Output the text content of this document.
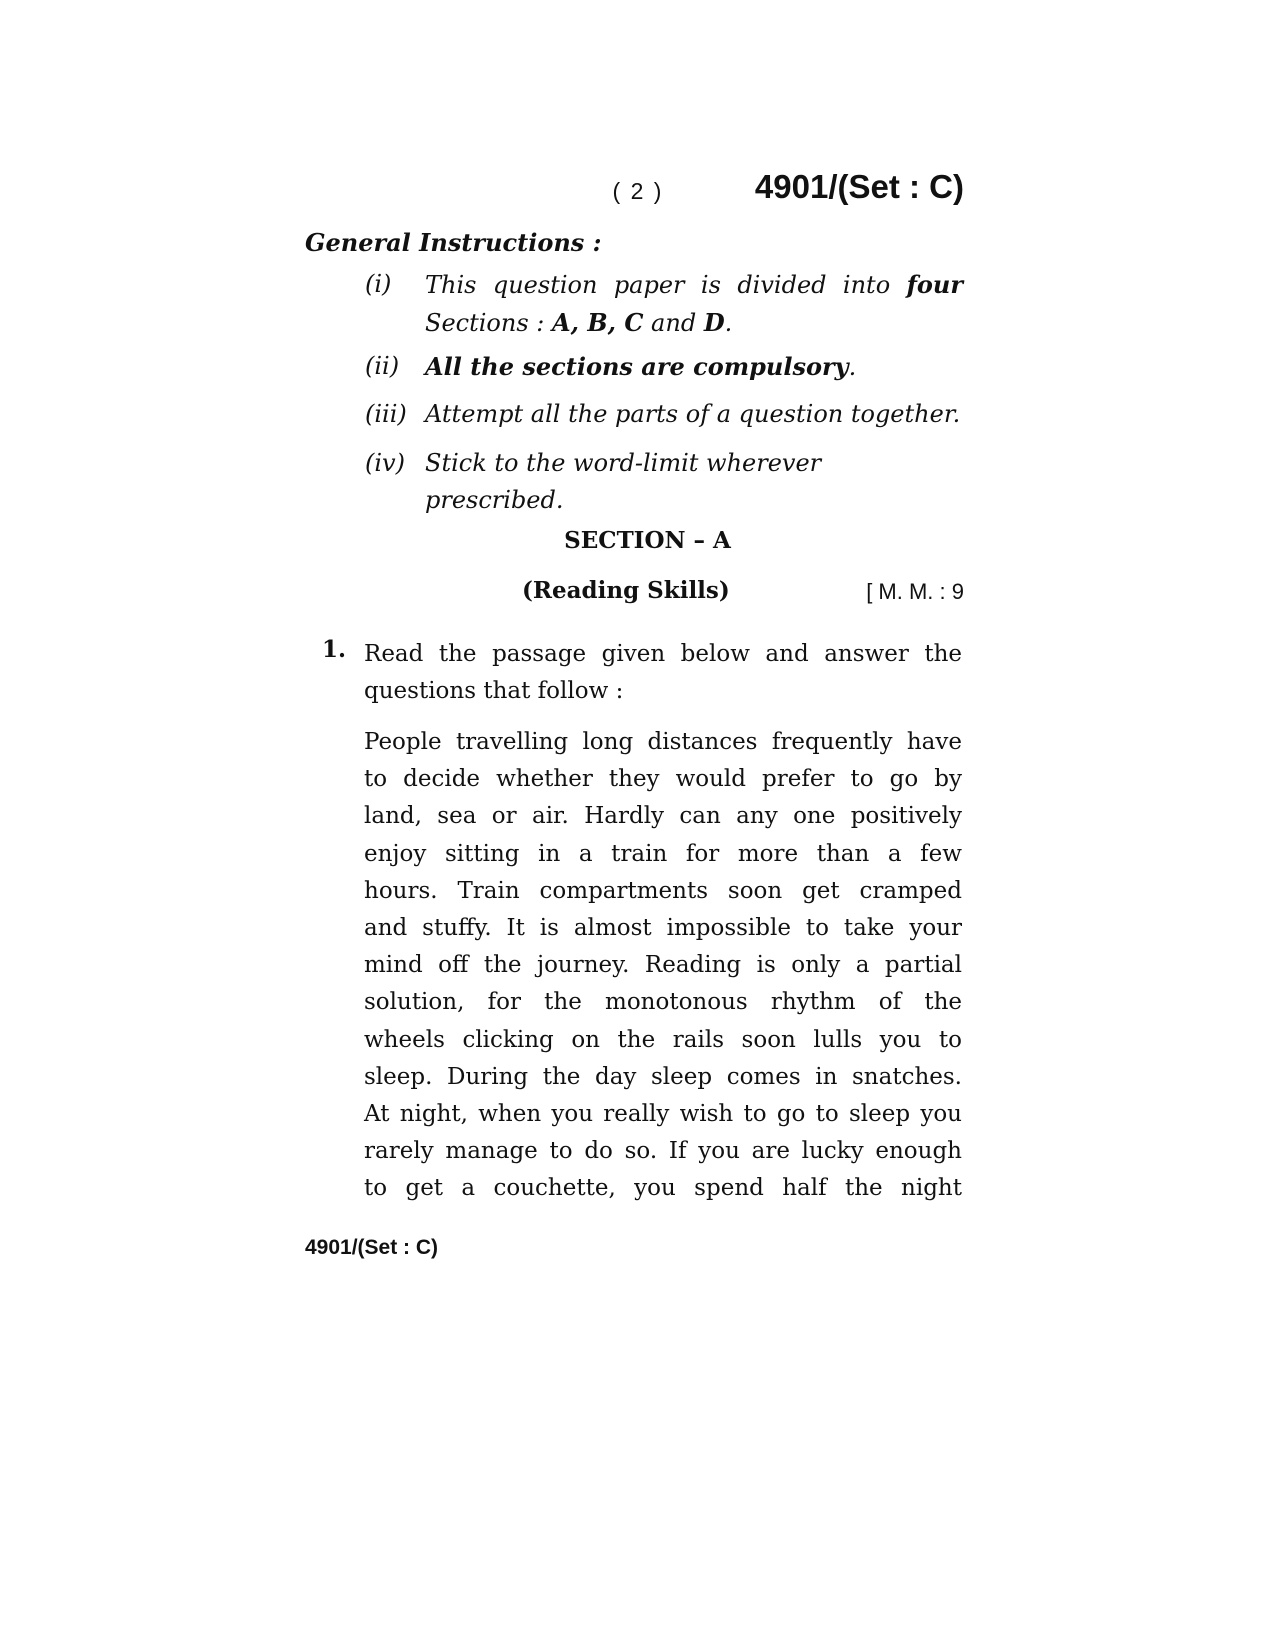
( 2 )	4901/(Set : C)
General Instructions :
(i)	This question paper is divided into four
Sections : A, B, C and D.
(ii)	All the sections are compulsory.
(iii) Attempt all the parts of a question together.
(iv) Stick to the word-limit wherever prescribed.
SECTION – A
(Reading Skills)	[ M. M. : 9
1. Read the passage given below and answer the questions that follow :
People travelling long distances frequently have
to decide whether they would prefer to go by
land, sea or air. Hardly can any one positively
enjoy sitting in a train for more than a few
hours. Train compartments soon get cramped
and stuffy. It is almost impossible to take your
mind off the journey. Reading is only a partial
solution, for the monotonous rhythm of the
wheels clicking on the rails soon lulls you to
sleep. During the day sleep comes in snatches.
At night, when you really wish to go to sleep you
rarely manage to do so. If you are lucky enough
to get a couchette, you spend half the night
4901/(Set : C)
